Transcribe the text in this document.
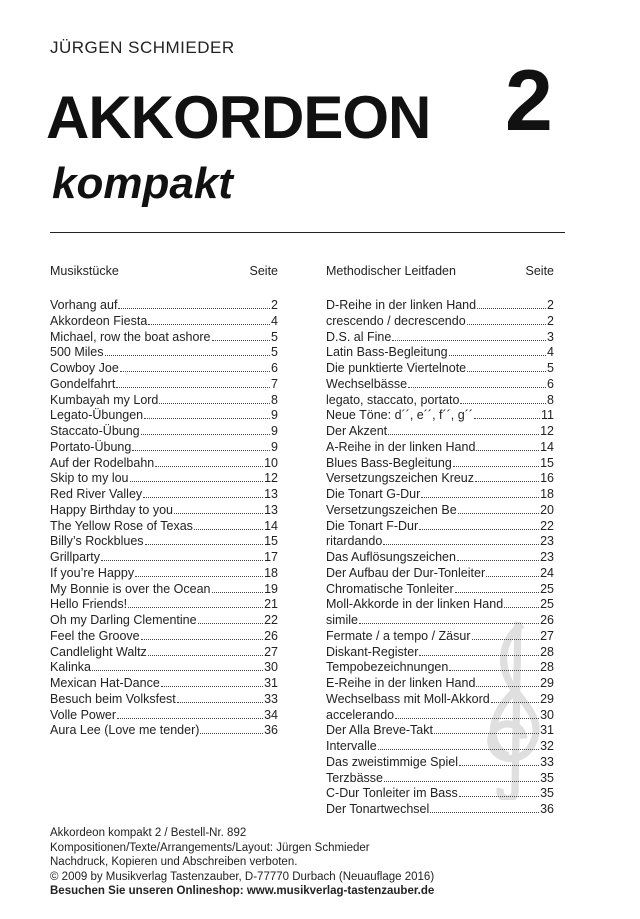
JÜRGEN SCHMIEDER
AKKORDEON 2
kompakt
Musikstücke	Seite
Vorhang auf	2
Akkordeon Fiesta	4
Michael, row the boat ashore	5
500 Miles	5
Cowboy Joe	6
Gondelfahrt	7
Kumbayah my Lord	8
Legato-Übungen	9
Staccato-Übung	9
Portato-Übung	9
Auf der Rodelbahn	10
Skip to my lou	12
Red River Valley	13
Happy Birthday to you	13
The Yellow Rose of Texas	14
Billy’s Rockblues	15
Grillparty	17
If you’re Happy	18
My Bonnie is over the Ocean	19
Hello Friends!	21
Oh my Darling Clementine	22
Feel the Groove	26
Candlelight Waltz	27
Kalinka	30
Mexican Hat-Dance	31
Besuch beim Volksfest	33
Volle Power	34
Aura Lee (Love me tender)	36
Methodischer Leitfaden	Seite
D-Reihe in der linken Hand	2
crescendo / decrescendo	2
D.S. al Fine	3
Latin Bass-Begleitung	4
Die punktierte Viertelnote	5
Wechselbässe	6
legato, staccato, portato	8
Neue Töne: d´´, e´´, f´´, g´´	11
Der Akzent	12
A-Reihe in der linken Hand	14
Blues Bass-Begleitung	15
Versetzungszeichen Kreuz	16
Die Tonart G-Dur	18
Versetzungszeichen Be	20
Die Tonart F-Dur	22
ritardando	23
Das Auflösungszeichen	23
Der Aufbau der Dur-Tonleiter	24
Chromatische Tonleiter	25
Moll-Akkorde in der linken Hand	25
simile	26
Fermate / a tempo / Zäsur	27
Diskant-Register	28
Tempobezeichnungen	28
E-Reihe in der linken Hand	29
Wechselbass mit Moll-Akkord	29
accelerando	30
Der Alla Breve-Takt	31
Intervalle	32
Das zweistimmige Spiel	33
Terzbässe	35
C-Dur Tonleiter im Bass	35
Der Tonartwechsel	36
Akkordeon kompakt 2 / Bestell-Nr. 892
Kompositionen/Texte/Arrangements/Layout: Jürgen Schmieder
Nachdruck, Kopieren und Abschreiben verboten.
© 2009 by Musikverlag Tastenzauber, D-77770 Durbach (Neuauflage 2016)
Besuchen Sie unseren Onlineshop: www.musikverlag-tastenzauber.de
